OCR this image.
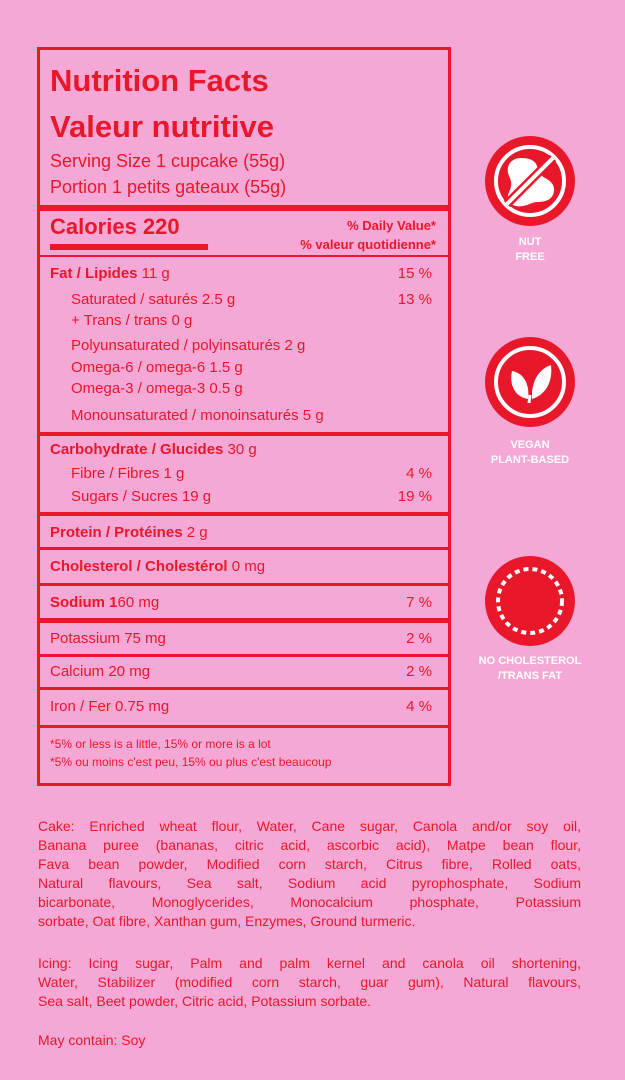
Nutrition Facts
Valeur nutritive
Serving Size 1 cupcake (55g)
Portion 1 petits gateaux (55g)
Calories 220	% Daily Value*
% valeur quotidienne*
Fat / Lipides 11 g	15 %
Saturated / saturés 2.5 g	13 %
+ Trans / trans 0 g
Polyunsaturated / polyinsaturés 2 g
Omega-6 / omega-6 1.5 g
Omega-3 / omega-3 0.5 g
Monounsaturated / monoinsaturés 5 g
Carbohydrate / Glucides 30 g
Fibre / Fibres 1 g	4 %
Sugars / Sucres 19 g	19 %
Protein / Protéines 2 g
Cholesterol / Cholestérol 0 mg
Sodium 160 mg	7 %
Potassium 75 mg	2 %
Calcium 20 mg	2 %
Iron / Fer 0.75 mg	4 %
*5% or less is a little, 15% or more is a lot
*5% ou moins c'est peu, 15% ou plus c'est beaucoup
NUT
FREE
VEGAN
PLANT-BASED
NO CHOLESTEROL
/TRANS FAT
Cake: Enriched wheat flour, Water, Cane sugar, Canola and/or soy oil,
Banana puree (bananas, citric acid, ascorbic acid), Matpe bean flour,
Fava bean powder, Modified corn starch, Citrus fibre, Rolled oats,
Natural flavours, Sea salt, Sodium acid pyrophosphate, Sodium
bicarbonate, Monoglycerides, Monocalcium phosphate, Potassium
sorbate, Oat fibre, Xanthan gum, Enzymes, Ground turmeric.
Icing: Icing sugar, Palm and palm kernel and canola oil shortening,
Water, Stabilizer (modified corn starch, guar gum), Natural flavours,
Sea salt, Beet powder, Citric acid, Potassium sorbate.
May contain: Soy
